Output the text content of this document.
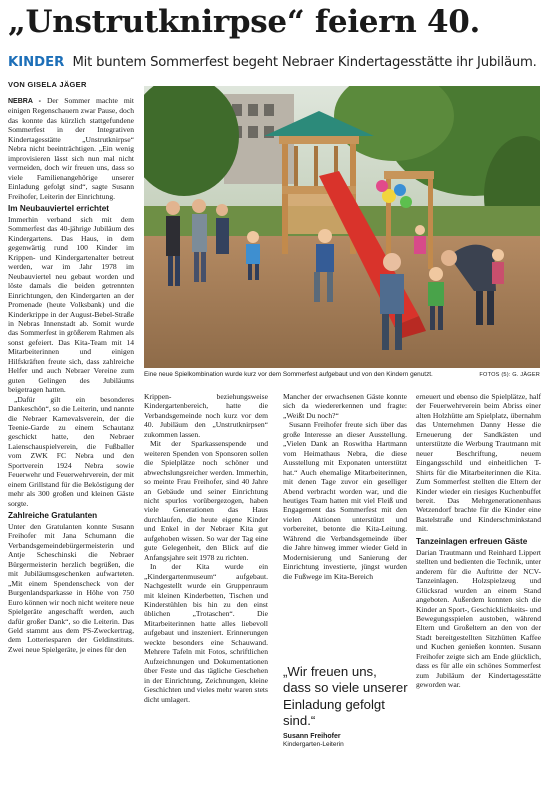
„Unstrutknirpse“ feiern 40.
KINDER Mit buntem Sommerfest begeht Nebraer Kindertagesstätte ihr Jubiläum.
VON GISELA JÄGER

NEBRA - Der Sommer machte mit einigen Regenschauern zwar Pause, doch das konnte das kürzlich stattgefundene Sommerfest in der Integrativen Kindertagesstätte „Unstrutknirpse“ Nebra nicht beeinträchtigen. „Ein wenig improvisieren lässt sich nun mal nicht vermeiden, doch wir freuen uns, dass so viele Familienangehörige unserer Einladung gefolgt sind“, sagte Susann Freihofer, Leiterin der Einrichtung.

Im Neubauviertel errichtet

Immerhin verband sich mit dem Sommerfest das 40-jährige Jubiläum des Kindergartens. Das Haus, in dem gegenwärtig rund 100 Kinder im Krippen- und Kindergartenalter betreut werden, war im Jahr 1978 im Neubauviertel neu gebaut worden und löste damals die beiden getrennten Einrichtungen, den Kindergarten an der Promenade (heute Volksbank) und die Kinderkrippe in der August-Bebel-Straße in Nebras Innenstadt ab. Somit wurde das Sommerfest in größerem Rahmen als sonst gefeiert. Das Kita-Team mit 14 Mitarbeiterinnen und einigen Hilfskräften freute sich, dass zahlreiche Helfer und auch Nebraer Vereine zum guten Gelingen des Jubiläums beigetragen hatten.

„Dafür gilt ein besonderes Dankeschön“, so die Leiterin, und nannte die Nebraer Karnevalsverein, der die Teenie-Garde zu einem Schautanz geschickt hatte, den Nebraer Laienschauspielverein, die Fußballer vom ZWK FC Nebra und den Sportverein 1924 Nebra sowie Feuerwehr und Feuerwehrverein, der mit einem Grillstand für die Beköstigung der mehr als 300 großen und kleinen Gäste sorgte.

Zahlreiche Gratulanten

Unter den Gratulanten konnte Susann Freihofer mit Jana Schumann die Verbandsgemeindebürgermeisterin und Antje Scheschinski die Nebraer Bürgermeisterin herzlich begrüßen, die mit Jubiläumsgeschenken aufwarteten. „Mit einem Spendenscheck von der Burgenlandsparkasse in Höhe von 750 Euro können wir noch nicht weitere neue Spielgeräte angeschafft werden, auch dafür großer Dank“, so die Leiterin. Das Geld stammt aus dem PS-Zweckertrag, dem Lotteriesparen der Geldinstituts. Zwei neue Spielgeräte, je eines für den

Eine neue Spielkombination wurde kurz vor dem Sommerfest aufgebaut und von den Kindern genutzt.	FOTOS (5): G. JÄGER

Krippen- beziehungsweise Kindergartenbereich, hatte die Verbandsgemeinde noch kurz vor dem 40. Jubiläum den „Unstrutknirpsen“ zukommen lassen.

Mit der Sparkassenspende und weiteren Spenden von Sponsoren sollen die Spielplätze noch schöner und abwechslungsreicher werden. Immerhin, so meinte Frau Freihofer, sind 40 Jahre an Gebäude und seiner Einrichtung nicht spurlos vorübergezogen, haben viele Generationen das Haus durchlaufen, die heute eigene Kinder und Enkel in der Nebraer Kita gut aufgehoben wissen. So war der Tag eine gute Gelegenheit, den Blick auf die Anfangsjahre seit 1978 zu richten.

In der Kita wurde ein „Kindergartenmuseum“ aufgebaut. Nachgestellt wurde ein Gruppenraum mit kleinen Kinderbetten, Tischen und Kinderstühlen bis hin zu den einst üblichen „Trotaschen“. Die Mitarbeiterinnen hatte alles liebevoll aufgebaut und inszeniert. Erinnerungen weckte besonders eine Schauwand. Mehrere Tafeln mit Fotos, schriftlichen Aufzeichnungen und Dokumentationen über Feste und das tägliche Geschehen in der Einrichtung, Zeichnungen, kleine Geschichten und vieles mehr waren stets dicht umlagert.

Mancher der erwachsenen Gäste konnte sich da wiedererkennen und fragte: „Weißt Du noch?“

Susann Freihofer freute sich über das große Interesse an dieser Ausstellung. „Vielen Dank an Roswitha Hartmann vom Heimathaus Nebra, die diese Ausstellung mit Exponaten unterstützt hat.“ Auch ehemalige Mitarbeiterinnen, mit denen Tage zuvor ein geselliger Abend verbracht worden war, und die heutiges Team hatten mit viel Fleiß und Engagement das Sommerfest mit den vielen Aktionen unterstützt und vorbereitet, betonte die Kita-Leitung. Während die Verbandsgemeinde über die Jahre hinweg immer wieder Geld in Modernisierung und Sanierung der Einrichtung investierte, jüngst wurden die Fußwege im Kita-Bereich

„Wir freuen uns, dass so viele unserer Einladung gefolgt sind.“
Susann Freihofer
Kindergarten-Leiterin

erneuert und ebenso die Spielplätze, half der Feuerwehrverein beim Abriss einer alten Holzhütte am Spielplatz, übernahm das Unternehmen Danny Hesse die Erneuerung der Sandkästen und unterstützte die Werbung Trautmann mit neuer Beschriftung, neuem Eingangsschild und einheitlichen T-Shirts für die Mitarbeiterinnen die Kita. Zum Sommerfest stellten die Eltern der Kinder wieder ein riesiges Kuchenbuffet bereit. Das Mehrgenerationenhaus Wetzendorf brachte für die Kinder eine Bastelstraße und Kinderschminkstand mit.

Tanzeinlagen erfreuen Gäste

Darian Trautmann und Reinhard Lippert stellten und bedienten die Technik, unter anderem für die Auftritte der NCV-Tanzeinlagen. Holzspielzeug und Glücksrad wurden an einem Stand angeboten. Außerdem konnten sich die Kinder an Sport-, Geschicklichkeits- und Bewegungsspielen austoben, während Eltern und Großeltern an den von der Stadt bereitgestellten Sitzhütten Kaffee und Kuchen genießen konnten. Susann Freihofer zeigte sich am Ende glücklich, dass es für alle ein schönes Sommerfest zum Jubiläum der Kindertagesstätte geworden war.
